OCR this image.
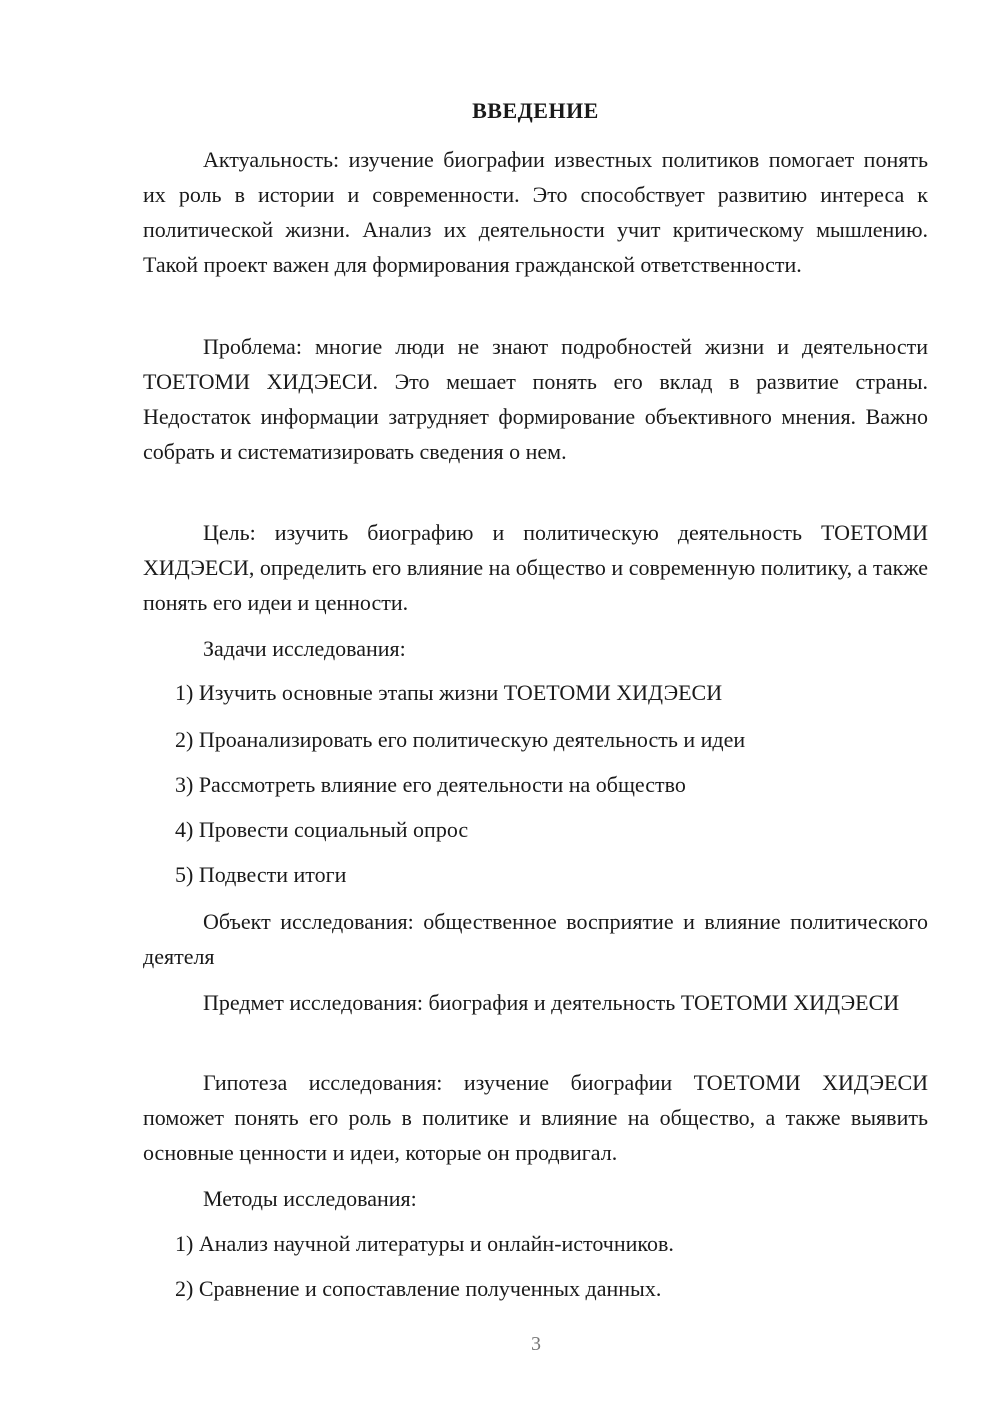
ВВЕДЕНИЕ

Актуальность: изучение биографии известных политиков помогает понять их роль в истории и современности. Это способствует развитию интереса к политической жизни. Анализ их деятельности учит критическому мышлению. Такой проект важен для формирования гражданской ответственности.

Проблема: многие люди не знают подробностей жизни и деятельности ТОЕТОМИ ХИДЭЕСИ. Это мешает понять его вклад в развитие страны. Недостаток информации затрудняет формирование объективного мнения. Важно собрать и систематизировать сведения о нем.

Цель: изучить биографию и политическую деятельность ТОЕТОМИ ХИДЭЕСИ, определить его влияние на общество и современную политику, а также понять его идеи и ценности.

Задачи исследования:

1) Изучить основные этапы жизни ТОЕТОМИ ХИДЭЕСИ

2) Проанализировать его политическую деятельность и идеи

3) Рассмотреть влияние его деятельности на общество

4) Провести социальный опрос

5) Подвести итоги

Объект исследования: общественное восприятие и влияние политического деятеля

Предмет исследования: биография и деятельность ТОЕТОМИ ХИДЭЕСИ

Гипотеза исследования: изучение биографии ТОЕТОМИ ХИДЭЕСИ поможет понять его роль в политике и влияние на общество, а также выявить основные ценности и идеи, которые он продвигал.

Методы исследования:

1) Анализ научной литературы и онлайн-источников.

2) Сравнение и сопоставление полученных данных.

3
